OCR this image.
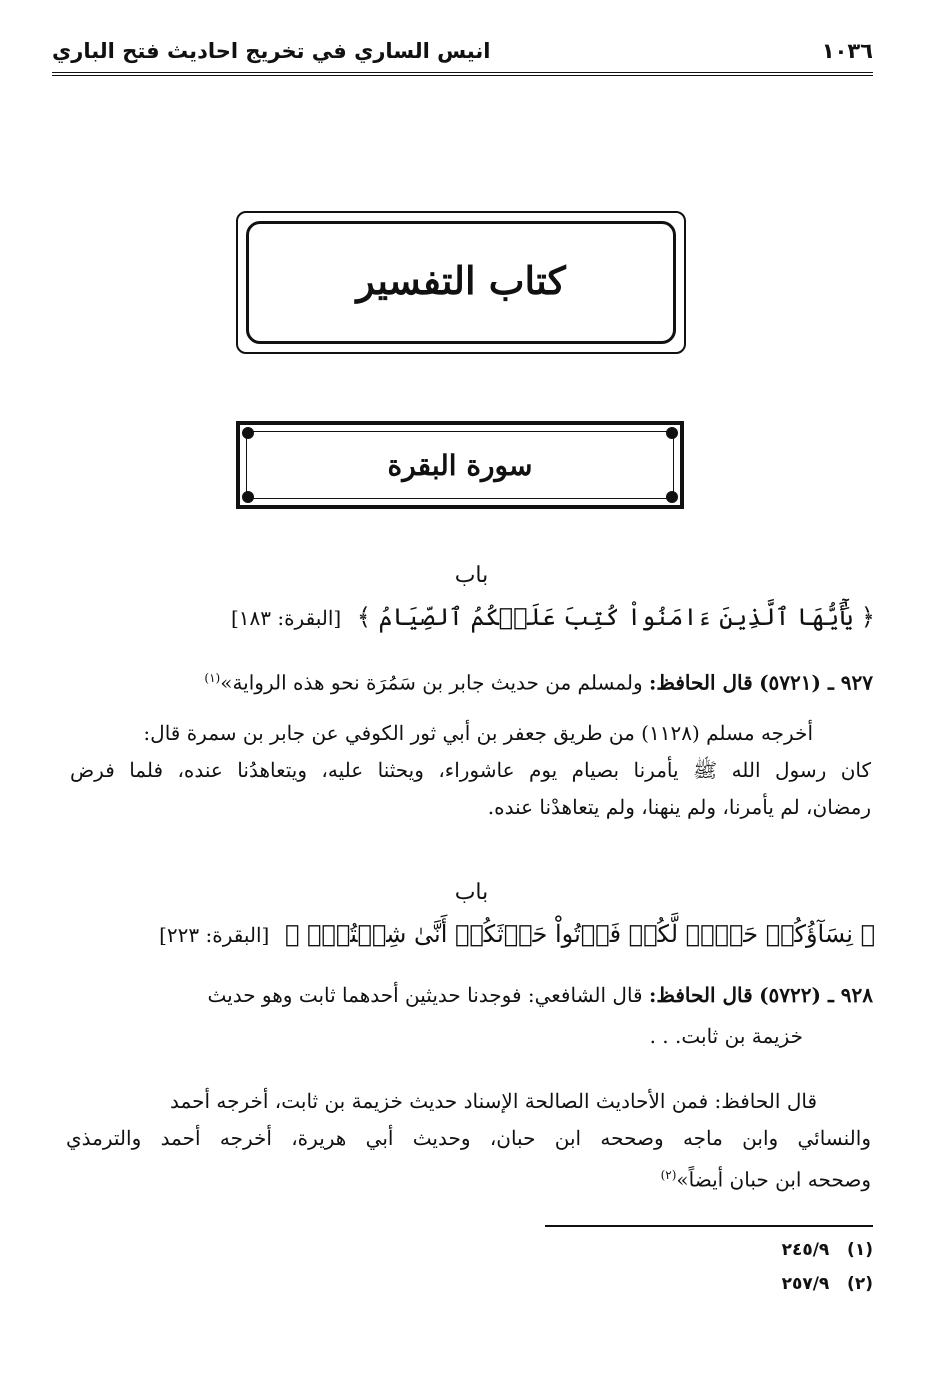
١٠٣٦
انيس الساري في تخريج احاديث فتح الباري
كتاب التفسير
سورة البقرة
باب
﴿ يَٰٓأَيُّهَا ٱلَّذِينَ ءَامَنُواْ كُتِبَ عَلَيۡكُمُ ٱلصِّيَامُ ﴾ [البقرة: ١٨٣]
٩٢٧ ـ (٥٧٢١) قال الحافظ: ولمسلم من حديث جابر بن سَمُرَة نحو هذه الرواية»$^{(١)}$
أخرجه مسلم (١١٢٨) من طريق جعفر بن أبي ثور الكوفي عن جابر بن سمرة قال:
كان رسول الله ﷺ يأمرنا بصيام يوم عاشوراء، ويحثنا عليه، ويتعاهدُنا عنده، فلما فرض
رمضان، لم يأمرنا، ولم ينهنا، ولم يتعاهدْنا عنده.
باب
﴿ نِسَآؤُكُمۡ حَرۡثٞ لَّكُمۡ فَأۡتُواْ حَرۡثَكُمۡ أَنَّىٰ شِئۡتُمۡۖ ﴾ [البقرة: ٢٢٣]
٩٢٨ ـ (٥٧٢٢) قال الحافظ: قال الشافعي: فوجدنا حديثين أحدهما ثابت وهو حديث
خزيمة بن ثابت. . .
قال الحافظ: فمن الأحاديث الصالحة الإسناد حديث خزيمة بن ثابت، أخرجه أحمد
والنسائي وابن ماجه وصححه ابن حبان، وحديث أبي هريرة، أخرجه أحمد والترمذي
وصححه ابن حبان أيضاً»$^{(٢)}$
(١)   ٢٤٥/٩
(٢)   ٢٥٧/٩
